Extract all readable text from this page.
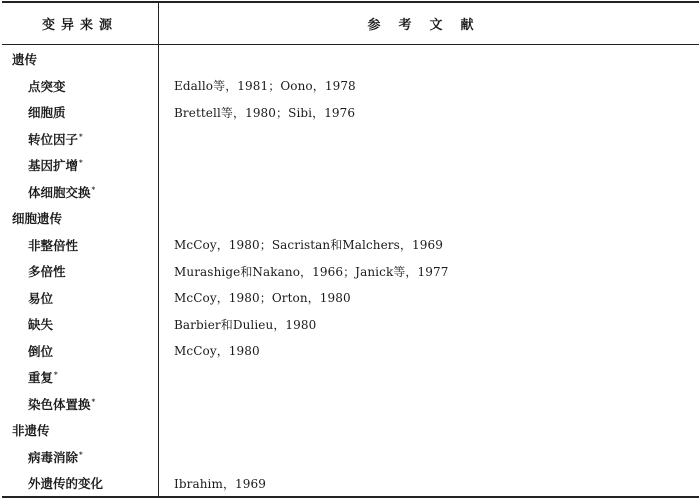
变异来源	参考文献
遗传
点突变	Edallo等，1981；Oono，1978
细胞质	Brettell等，1980；Sibi，1976
转位因子*
基因扩增*
体细胞交换*
细胞遗传
非整倍性	McCoy，1980；Sacristan和Malchers，1969
多倍性	Murashige和Nakano，1966；Janick等，1977
易位	McCoy，1980；Orton，1980
缺失	Barbier和Dulieu，1980
倒位	McCoy，1980
重复*
染色体置换*
非遗传
病毒消除*
外遗传的变化	Ibrahim，1969
